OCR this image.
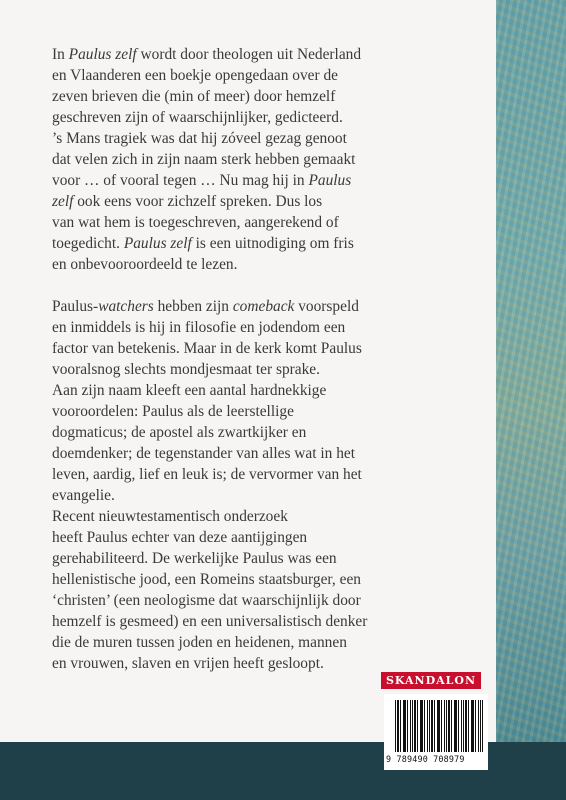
In Paulus zelf wordt door theologen uit Nederland
en Vlaanderen een boekje opengedaan over de
zeven brieven die (min of meer) door hemzelf
geschreven zijn of waarschijnlijker, gedicteerd.
’s Mans tragiek was dat hij zóveel gezag genoot
dat velen zich in zijn naam sterk hebben gemaakt
voor … of vooral tegen … Nu mag hij in Paulus
zelf ook eens voor zichzelf spreken. Dus los
van wat hem is toegeschreven, aangerekend of
toegedicht. Paulus zelf is een uitnodiging om fris
en onbevooroordeeld te lezen.
Paulus-watchers hebben zijn comeback voorspeld
en inmiddels is hij in filosofie en jodendom een
factor van betekenis. Maar in de kerk komt Paulus
vooralsnog slechts mondjesmaat ter sprake.
Aan zijn naam kleeft een aantal hardnekkige
vooroordelen: Paulus als de leerstellige
dogmaticus; de apostel als zwartkijker en
doemdenker; de tegenstander van alles wat in het
leven, aardig, lief en leuk is; de vervormer van het
evangelie.
Recent nieuwtestamentisch onderzoek
heeft Paulus echter van deze aantijgingen
gerehabiliteerd. De werkelijke Paulus was een
hellenistische jood, een Romeins staatsburger, een
‘christen’ (een neologisme dat waarschijnlijk door
hemzelf is gesmeed) en een universalistisch denker
die de muren tussen joden en heidenen, mannen
en vrouwen, slaven en vrijen heeft gesloopt.
SKANDALON
9 789490 708979
